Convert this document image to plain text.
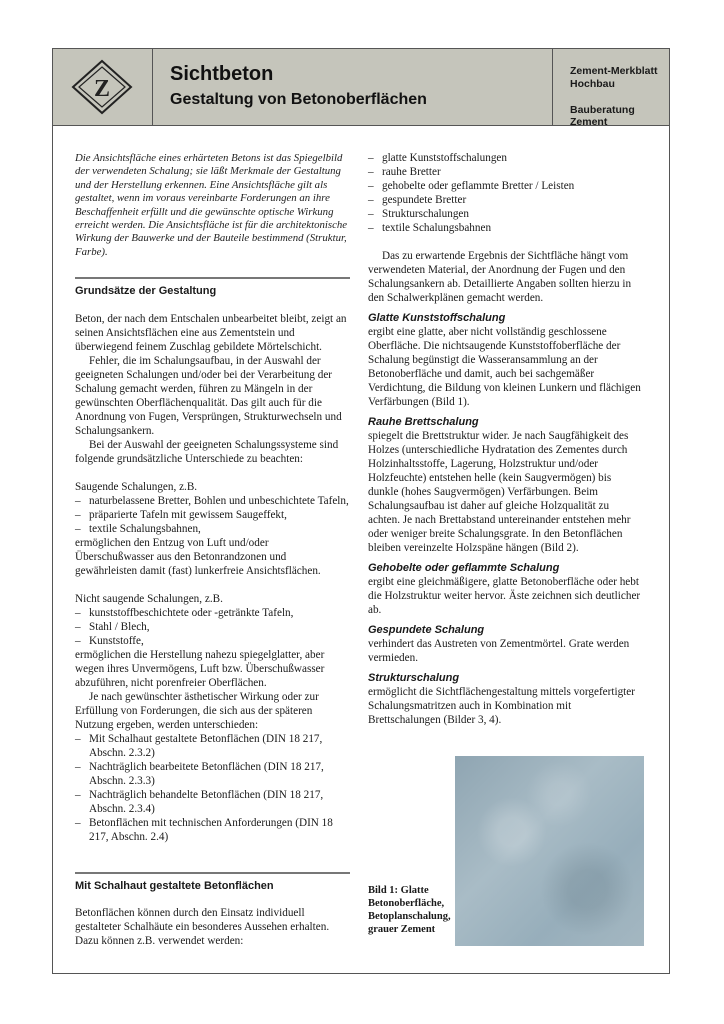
Z
Sichtbeton
Gestaltung von Betonoberflächen
Zement-Merkblatt
Hochbau
Bauberatung Zement
Die Ansichtsfläche eines erhärteten Betons ist das Spiegelbild der verwendeten Schalung; sie läßt Merkmale der Gestaltung und der Herstellung erkennen. Eine Ansichtsfläche gilt als gestaltet, wenn im voraus vereinbarte Forderungen an ihre Beschaffenheit erfüllt und die gewünschte optische Wirkung erreicht werden. Die Ansichtsfläche ist für die architektonische Wirkung der Bauwerke und der Bauteile bestimmend (Struktur, Farbe).
Grundsätze der Gestaltung

Beton, der nach dem Entschalen unbearbeitet bleibt, zeigt an seinen Ansichtsflächen eine aus Zementstein und überwiegend feinem Zuschlag gebildete Mörtelschicht.

Fehler, die im Schalungsaufbau, in der Auswahl der geeigneten Schalungen und/oder bei der Verarbeitung der Schalung gemacht werden, führen zu Mängeln in der gewünschten Oberflächenqualität. Das gilt auch für die Anordnung von Fugen, Versprüngen, Strukturwechseln und Schalungsankern.

Bei der Auswahl der geeigneten Schalungssysteme sind folgende grundsätzliche Unterschiede zu beachten:

Saugende Schalungen, z.B.

–   naturbelassene Bretter, Bohlen und unbeschichtete Tafeln,

–   präparierte Tafeln mit gewissem Saugeffekt,

–   textile Schalungsbahnen,

ermöglichen den Entzug von Luft und/oder Überschußwasser aus den Betonrandzonen und gewährleisten damit (fast) lunkerfreie Ansichtsflächen.

Nicht saugende Schalungen, z.B.

–   kunststoffbeschichtete oder -getränkte Tafeln,

–   Stahl / Blech,

–   Kunststoffe,

ermöglichen die Herstellung nahezu spiegelglatter, aber wegen ihres Unvermögens, Luft bzw. Überschußwasser abzuführen, nicht porenfreier Oberflächen.

Je nach gewünschter ästhetischer Wirkung oder zur Erfüllung von Forderungen, die sich aus der späteren Nutzung ergeben, werden unterschieden:

–   Mit Schalhaut gestaltete Betonflächen (DIN 18 217, Abschn. 2.3.2)

–   Nachträglich bearbeitete Betonflächen (DIN 18 217, Abschn. 2.3.3)

–   Nachträglich behandelte Betonflächen (DIN 18 217, Abschn. 2.3.4)

–   Betonflächen mit technischen Anforderungen (DIN 18 217, Abschn. 2.4)

Mit Schalhaut gestaltete Betonflächen
Betonflächen können durch den Einsatz individuell gestalteter Schalhäute ein besonderes Aussehen erhalten. Dazu können z.B. verwendet werden:

–   glatte Kunststoffschalungen

–   rauhe Bretter

–   gehobelte oder geflammte Bretter / Leisten

–   gespundete Bretter

–   Strukturschalungen

–   textile Schalungsbahnen

Das zu erwartende Ergebnis der Sichtfläche hängt vom verwendeten Material, der Anordnung der Fugen und den Schalungsankern ab. Detaillierte Angaben sollten hierzu in den Schalwerkplänen gemacht werden.

Glatte Kunststoffschalung

ergibt eine glatte, aber nicht vollständig geschlossene Oberfläche. Die nichtsaugende Kunststoffoberfläche der Schalung begünstigt die Wasseransammlung an der Betonoberfläche und damit, auch bei sachgemäßer Verdichtung, die Bildung von kleinen Lunkern und flächigen Verfärbungen (Bild 1).

Rauhe Brettschalung

spiegelt die Brettstruktur wider. Je nach Saugfähigkeit des Holzes (unterschiedliche Hydratation des Zementes durch Holzinhaltsstoffe, Lagerung, Holzstruktur und/oder Holzfeuchte) entstehen helle (kein Saugvermögen) bis dunkle (hohes Saugvermögen) Verfärbungen. Beim Schalungsaufbau ist daher auf gleiche Holzqualität zu achten. Je nach Brettabstand untereinander entstehen mehr oder weniger breite Schalungsgrate. In den Betonflächen bleiben vereinzelte Holzspäne hängen (Bild 2).

Gehobelte oder geflammte Schalung

ergibt eine gleichmäßigere, glatte Betonoberfläche oder hebt die Holzstruktur weiter hervor. Äste zeichnen sich deutlicher ab.

Gespundete Schalung

verhindert das Austreten von Zementmörtel. Grate werden vermieden.

Strukturschalung

ermöglicht die Sichtflächengestaltung mittels vorgefertigter Schalungsmatritzen auch in Kombination mit Brettschalungen (Bilder 3, 4).

Bild 1: Glatte Betonoberfläche, Betoplanschalung, grauer Zement
